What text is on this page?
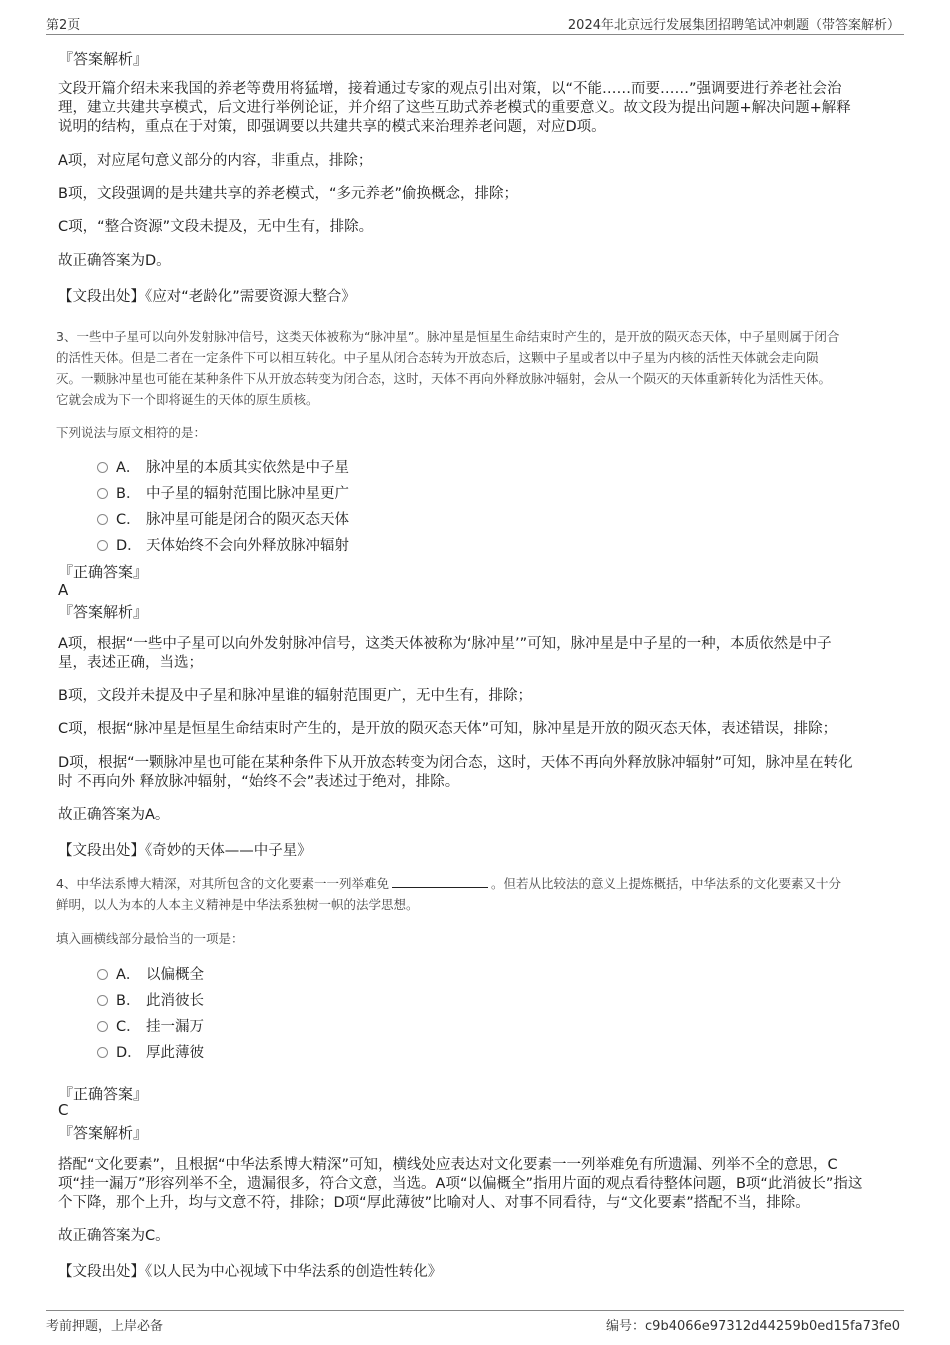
第2页	2024年北京远行发展集团招聘笔试冲刺题（带答案解析）
『答案解析』
文段开篇介绍未来我国的养老等费用将猛增，接着通过专家的观点引出对策，以“不能……而要……”强调要进行养老社会治
理，建立共建共享模式，后文进行举例论证，并介绍了这些互助式养老模式的重要意义。故文段为提出问题+解决问题+解释
说明的结构，重点在于对策，即强调要以共建共享的模式来治理养老问题，对应D项。
A项，对应尾句意义部分的内容，非重点，排除；
B项，文段强调的是共建共享的养老模式，“多元养老”偷换概念，排除；
C项，“整合资源”文段未提及，无中生有，排除。
故正确答案为D。
【文段出处】《应对“老龄化”需要资源大整合》
3、一些中子星可以向外发射脉冲信号，这类天体被称为“脉冲星”。脉冲星是恒星生命结束时产生的，是开放的陨灭态天体，中子星则属于闭合
的活性天体。但是二者在一定条件下可以相互转化。中子星从闭合态转为开放态后，这颗中子星或者以中子星为内核的活性天体就会走向陨
灭。一颗脉冲星也可能在某种条件下从开放态转变为闭合态，这时，天体不再向外释放脉冲辐射，会从一个陨灭的天体重新转化为活性天体。
它就会成为下一个即将诞生的天体的原生质核。
下列说法与原文相符的是：
A． 脉冲星的本质其实依然是中子星
B． 中子星的辐射范围比脉冲星更广
C． 脉冲星可能是闭合的陨灭态天体
D． 天体始终不会向外释放脉冲辐射
『正确答案』
A
『答案解析』
A项，根据“一些中子星可以向外发射脉冲信号，这类天体被称为‘脉冲星’”可知，脉冲星是中子星的一种，本质依然是中子
星，表述正确，当选；
B项，文段并未提及中子星和脉冲星谁的辐射范围更广，无中生有，排除；
C项，根据“脉冲星是恒星生命结束时产生的，是开放的陨灭态天体”可知，脉冲星是开放的陨灭态天体，表述错误，排除；
D项，根据“一颗脉冲星也可能在某种条件下从开放态转变为闭合态，这时，天体不再向外释放脉冲辐射”可知，脉冲星在转化
时 不再向外 释放脉冲辐射，“始终不会”表述过于绝对，排除。
故正确答案为A。
【文段出处】《奇妙的天体——中子星》
4、中华法系博大精深，对其所包含的文化要素一一列举难免	。但若从比较法的意义上提炼概括，中华法系的文化要素又十分
鲜明，以人为本的人本主义精神是中华法系独树一帜的法学思想。
填入画横线部分最恰当的一项是：
A． 以偏概全
B． 此消彼长
C． 挂一漏万
D． 厚此薄彼
『正确答案』
C
『答案解析』
搭配“文化要素”，且根据“中华法系博大精深”可知，横线处应表达对文化要素一一列举难免有所遗漏、列举不全的意思，C
项“挂一漏万”形容列举不全，遗漏很多，符合文意，当选。A项“以偏概全”指用片面的观点看待整体问题，B项“此消彼长”指这
个下降，那个上升，均与文意不符，排除；D项“厚此薄彼”比喻对人、对事不同看待，与“文化要素”搭配不当，排除。
故正确答案为C。
【文段出处】《以人民为中心视域下中华法系的创造性转化》
考前押题，上岸必备	编号：c9b4066e97312d44259b0ed15fa73fe0
